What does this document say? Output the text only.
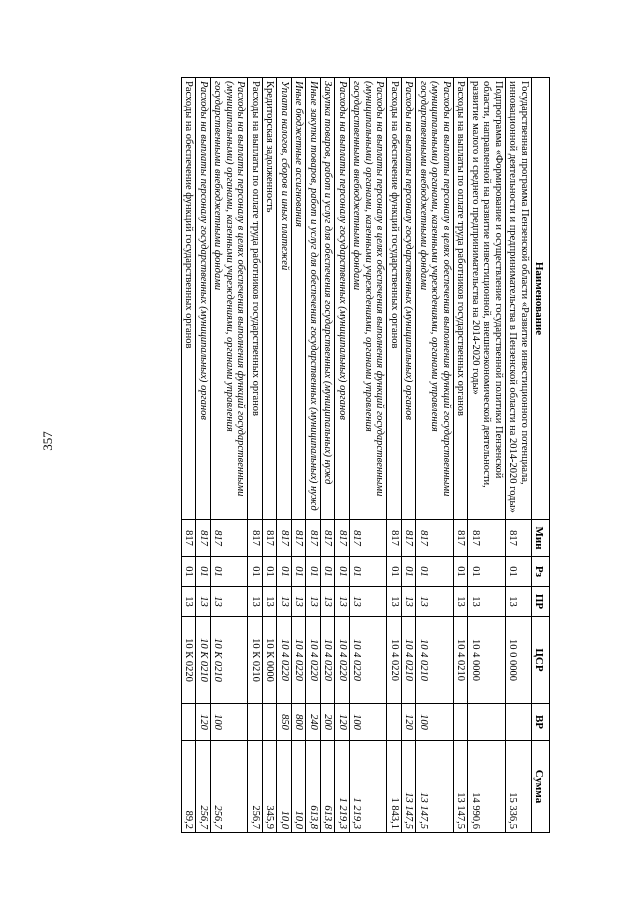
357
Наименование	Мин	Рз	ПР	ЦСР	ВР	Сумма
Государственная программа Пензенской области «Развитие инвестиционного потенциала, инновационной деятельности и предпринимательства в Пензенской области на 2014-2020 годы»	817	01	13	10 0 0000		15 336,5
Подпрограмма «Формирование и осуществление государственной политики Пензенской области, направленной на развитие инвестиционной, внешнеэкономической деятельности, развитие малого и среднего предпринимательства на 2014-2020 годы»	817	01	13	10 4 0000		14 990,6
Расходы на выплаты по оплате труда работников государственных органов	817	01	13	10 4 0210		13 147,5
Расходы на выплаты персоналу в целях обеспечения выполнения функций государственными (муниципальными) органами, казенными учреждениями, органами управления государственными внебюджетными фондами	817	01	13	10 4 0210	100	13 147,5
Расходы на выплаты персоналу государственных (муниципальных) органов	817	01	13	10 4 0210	120	13 147,5
Расходы на обеспечение функций государственных органов	817	01	13	10 4 0220		1 843,1
Расходы на выплаты персоналу в целях обеспечения выполнения функций государственными (муниципальными) органами, казенными учреждениями, органами управления государственными внебюджетными фондами	817	01	13	10 4 0220	100	1 219,3
Расходы на выплаты персоналу государственных (муниципальных) органов	817	01	13	10 4 0220	120	1 219,3
Закупка товаров, работ и услуг для обеспечения государственных (муниципальных) нужд	817	01	13	10 4 0220	200	613,8
Иные закупки товаров, работ и услуг для обеспечения государственных (муниципальных) нужд	817	01	13	10 4 0220	240	613,8
Иные бюджетные ассигнования	817	01	13	10 4 0220	800	10,0
Уплата налогов, сборов и иных платежей	817	01	13	10 4 0220	850	10,0
Кредиторская задолженность	817	01	13	10 К 0000		345,9
Расходы на выплаты по оплате труда работников государственных органов	817	01	13	10 К 0210		256,7
Расходы на выплаты персоналу в целях обеспечения выполнения функций государственными (муниципальными) органами, казенными учреждениями, органами управления государственными внебюджетными фондами	817	01	13	10 К 0210	100	256,7
Расходы на выплаты персоналу государственных (муниципальных) органов	817	01	13	10 К 0210	120	256,7
Расходы на обеспечение функций государственных органов	817	01	13	10 К 0220		89,2
